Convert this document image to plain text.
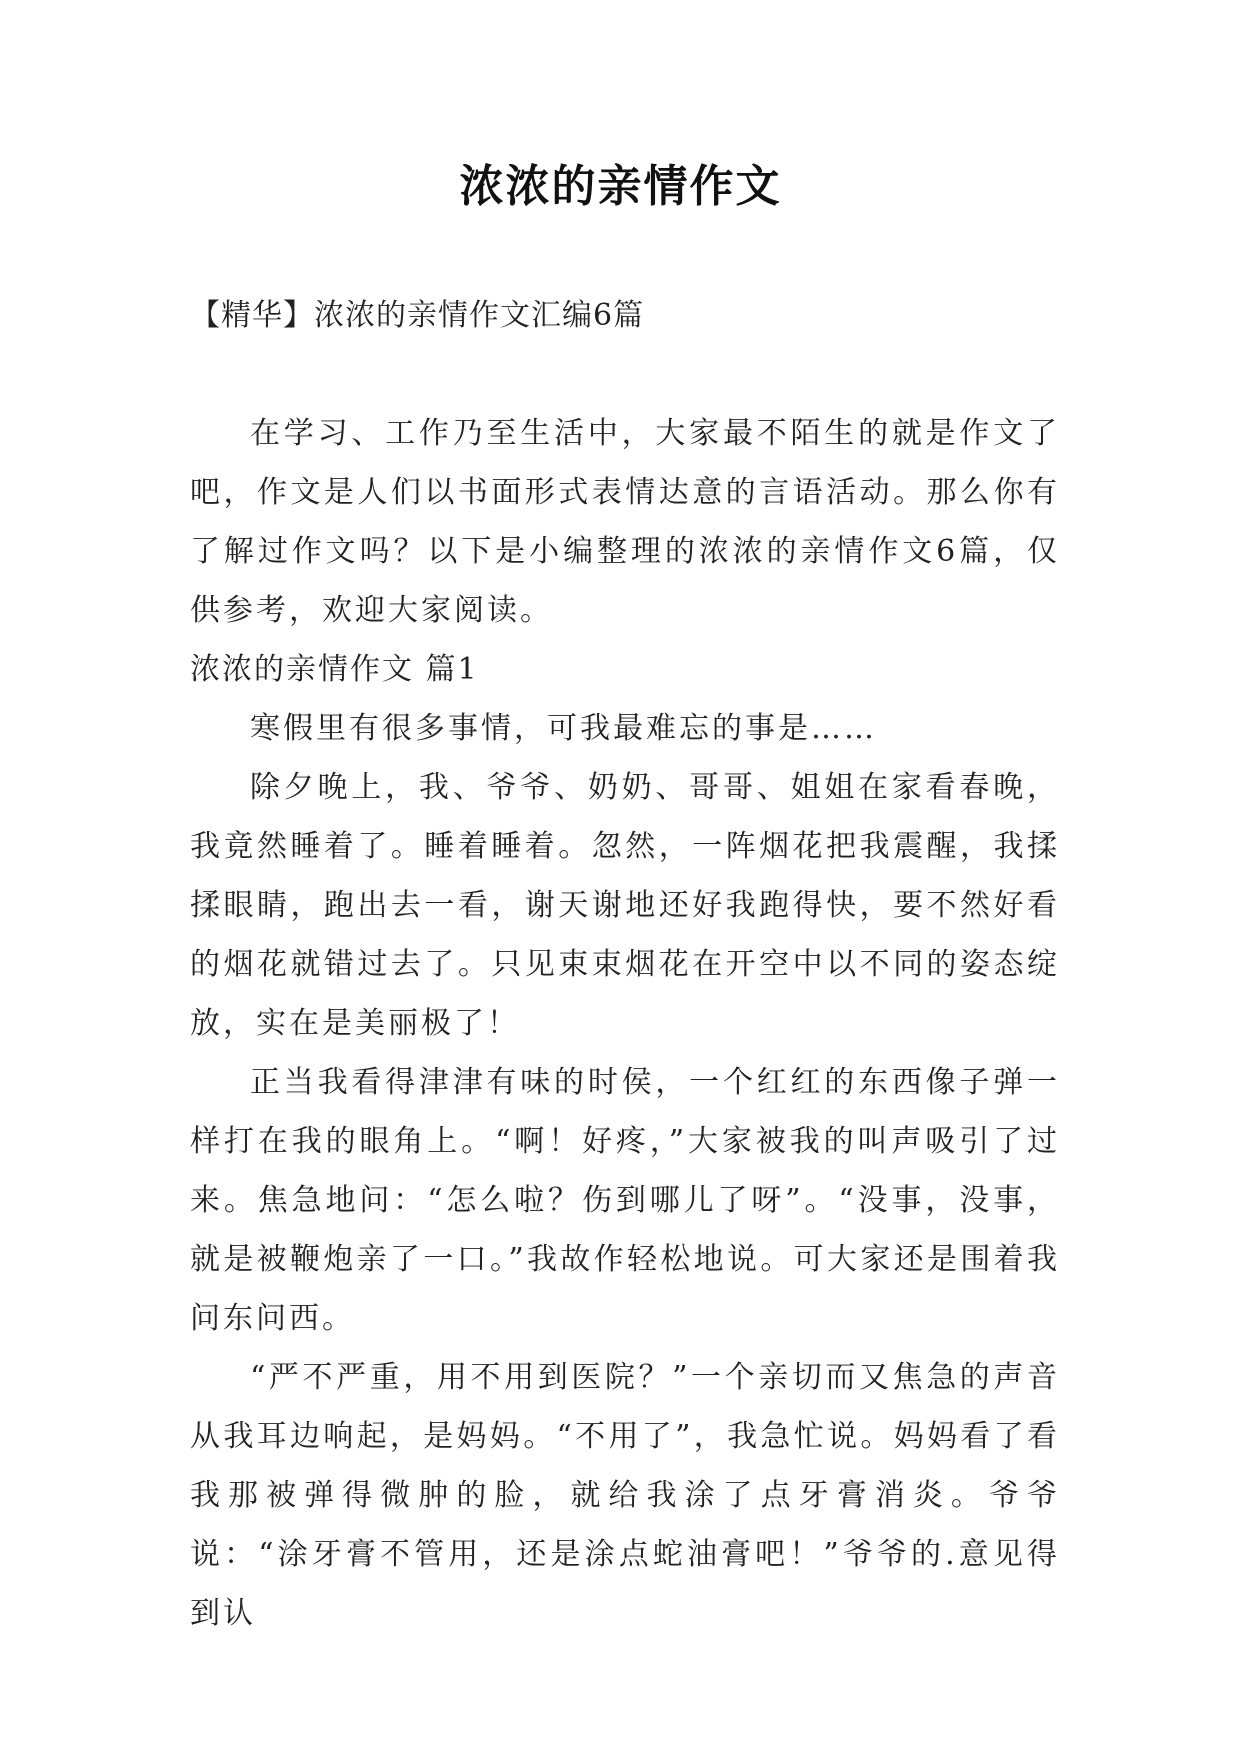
浓浓的亲情作文
【精华】浓浓的亲情作文汇编6篇

在学习、工作乃至生活中，大家最不陌生的就是作文了吧，作文是人们以书面形式表情达意的言语活动。那么你有了解过作文吗？以下是小编整理的浓浓的亲情作文6篇，仅供参考，欢迎大家阅读。

浓浓的亲情作文 篇1

寒假里有很多事情，可我最难忘的事是……

除夕晚上，我、爷爷、奶奶、哥哥、姐姐在家看春晚，我竟然睡着了。睡着睡着。忽然，一阵烟花把我震醒，我揉揉眼睛，跑出去一看，谢天谢地还好我跑得快，要不然好看的烟花就错过去了。只见束束烟花在开空中以不同的姿态绽放，实在是美丽极了！

正当我看得津津有味的时侯，一个红红的东西像子弹一样打在我的眼角上。“啊！好疼，”大家被我的叫声吸引了过来。焦急地问：“怎么啦？伤到哪儿了呀”。“没事，没事，就是被鞭炮亲了一口。”我故作轻松地说。可大家还是围着我问东问西。

“严不严重，用不用到医院？”一个亲切而又焦急的声音从我耳边响起，是妈妈。“不用了”，我急忙说。妈妈看了看我那被弹得微肿的脸，就给我涂了点牙膏消炎。爷爷说：“涂牙膏不管用，还是涂点蛇油膏吧！”爷爷的.意见得到认
